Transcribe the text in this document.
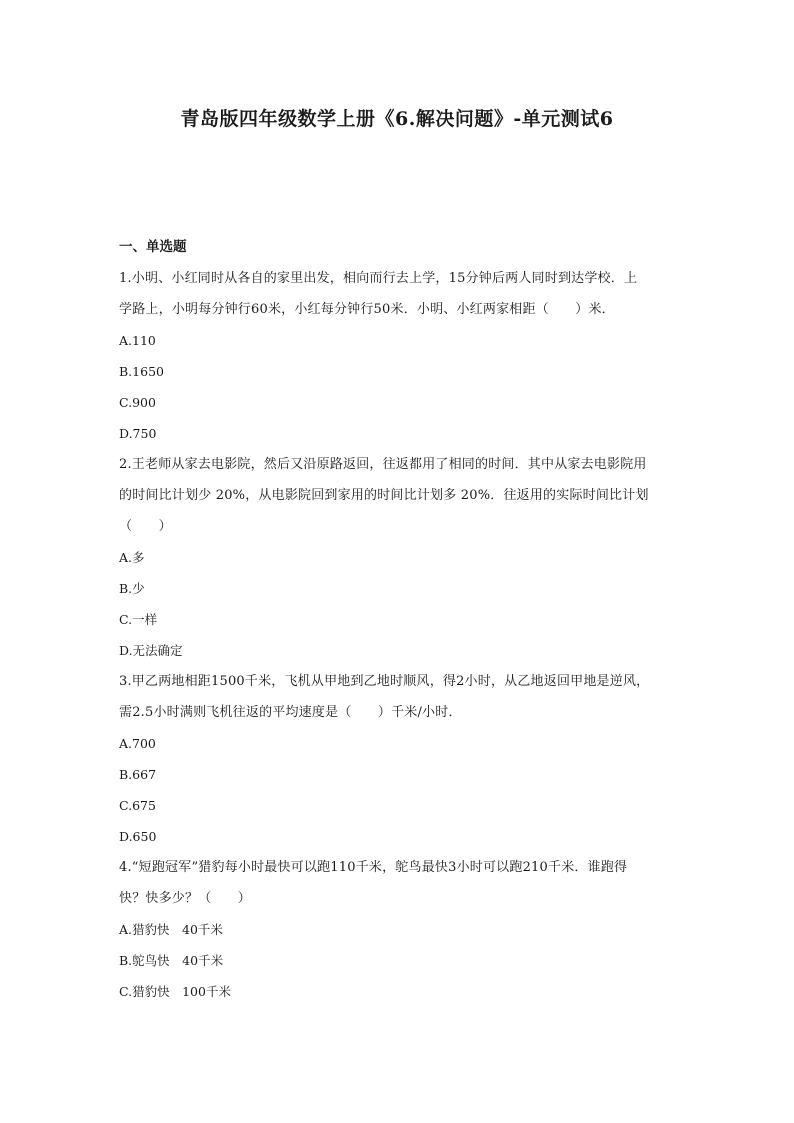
青岛版四年级数学上册《6.解决问题》-单元测试6

一、单选题

1.小明、小红同时从各自的家里出发，相向而行去上学，15分钟后两人同时到达学校．上

学路上，小明每分钟行60米，小红每分钟行50米．小明、小红两家相距（　　）米．

A.110

B.1650

C.900

D.750

2.王老师从家去电影院，然后又沿原路返回，往返都用了相同的时间．其中从家去电影院用

的时间比计划少 20%，从电影院回到家用的时间比计划多 20%．往返用的实际时间比计划

（　　）

A.多

B.少

C.一样

D.无法确定

3.甲乙两地相距1500千米，飞机从甲地到乙地时顺风，得2小时，从乙地返回甲地是逆风，

需2.5小时满则飞机往返的平均速度是（　　）千米/小时．

A.700

B.667

C.675

D.650

4.“短跑冠军”猎豹每小时最快可以跑110千米，鸵鸟最快3小时可以跑210千米．谁跑得

快？快多少？（　　）

A.猎豹快　40千米

B.鸵鸟快　40千米

C.猎豹快　100千米
